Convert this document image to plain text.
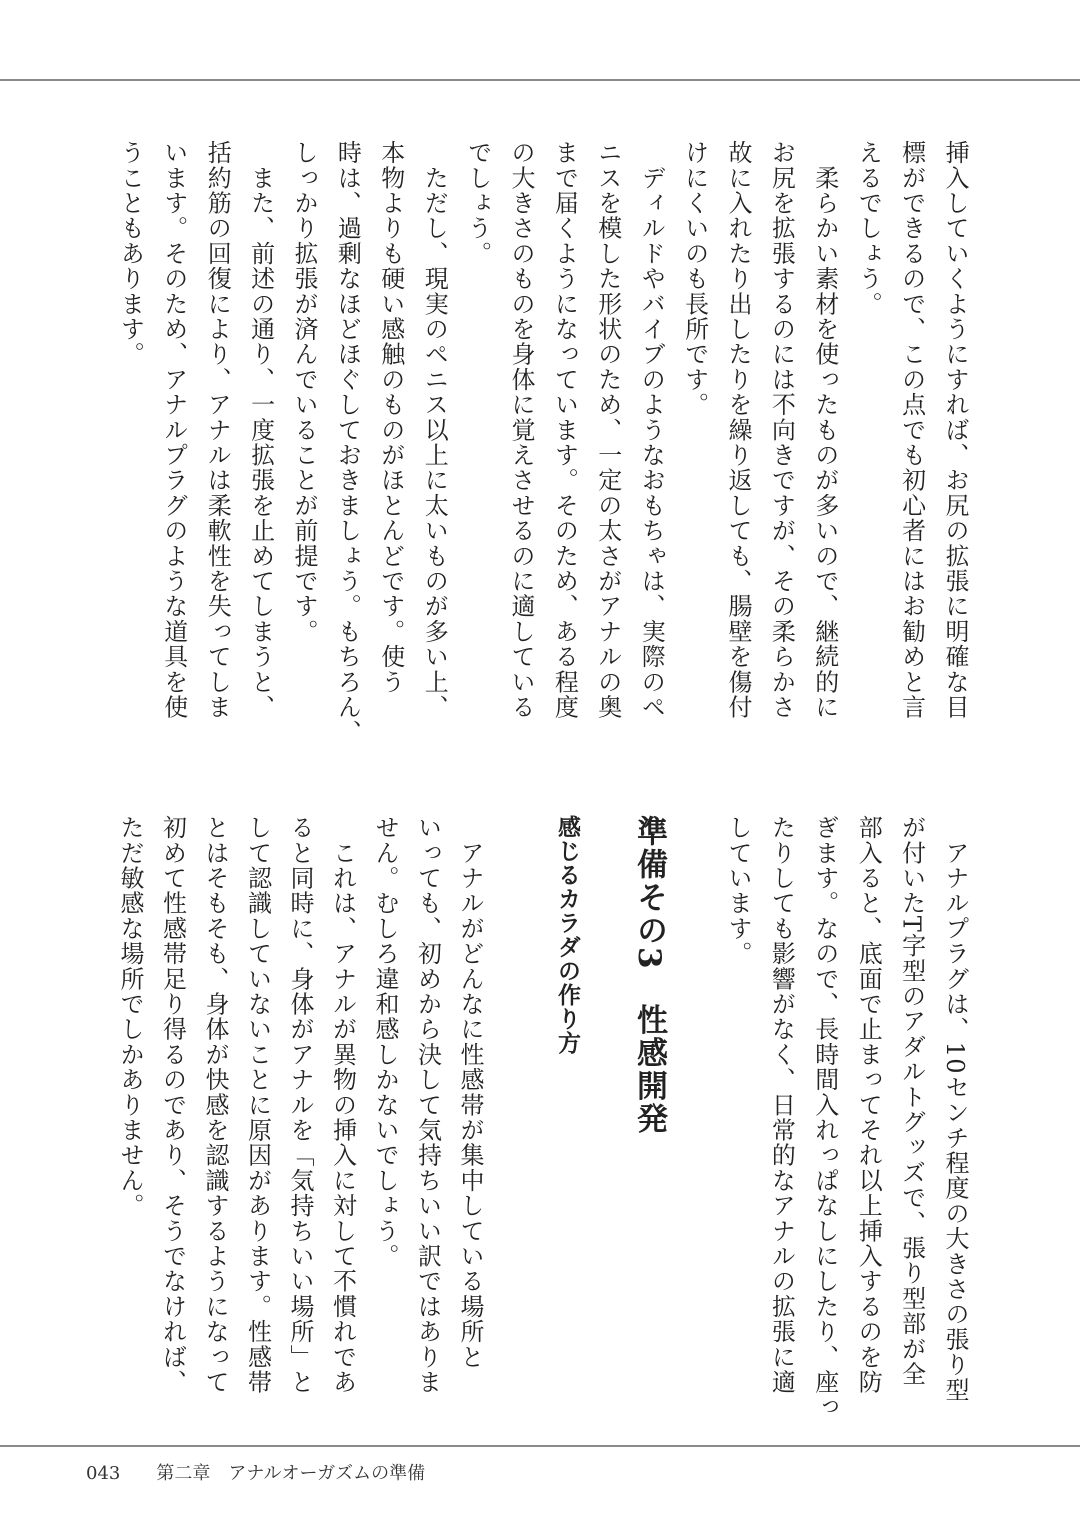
挿入していくようにすれば、お尻の拡張に明確な目
標ができるので、この点でも初心者にはお勧めと言
えるでしょう。
　柔らかい素材を使ったものが多いので、継続的に
お尻を拡張するのには不向きですが、その柔らかさ
故に入れたり出したりを繰り返しても、腸壁を傷付
けにくいのも長所です。
　ディルドやバイブのようなおもちゃは、実際のペ
ニスを模した形状のため、一定の太さがアナルの奥
まで届くようになっています。そのため、ある程度
の大きさのものを身体に覚えさせるのに適している
でしょう。
　ただし、現実のペニス以上に太いものが多い上、
本物よりも硬い感触のものがほとんどです。使う
時は、過剰なほどほぐしておきましょう。もちろん、
しっかり拡張が済んでいることが前提です。
　また、前述の通り、一度拡張を止めてしまうと、
括約筋の回復により、アナルは柔軟性を失ってしま
います。そのため、アナルプラグのような道具を使
うこともあります。
準備その3　性感開発
感じるカラダの作り方	　アナルプラグは、10センチ程度の大きさの張り型
が付いたT字型のアダルトグッズで、張り型部が全
部入ると、底面で止まってそれ以上挿入するのを防
ぎます。なので、長時間入れっぱなしにしたり、座っ
たりしても影響がなく、日常的なアナルの拡張に適
しています。
　アナルがどんなに性感帯が集中している場所と
いっても、初めから決して気持ちいい訳ではありま
せん。むしろ違和感しかないでしょう。
　これは、アナルが異物の挿入に対して不慣れであ
ると同時に、身体がアナルを「気持ちいい場所」と
して認識していないことに原因があります。性感帯
とはそもそも、身体が快感を認識するようになって
初めて性感帯足り得るのであり、そうでなければ、
ただ敏感な場所でしかありません。
043　　 第二章　 アナルオーガズムの準備
